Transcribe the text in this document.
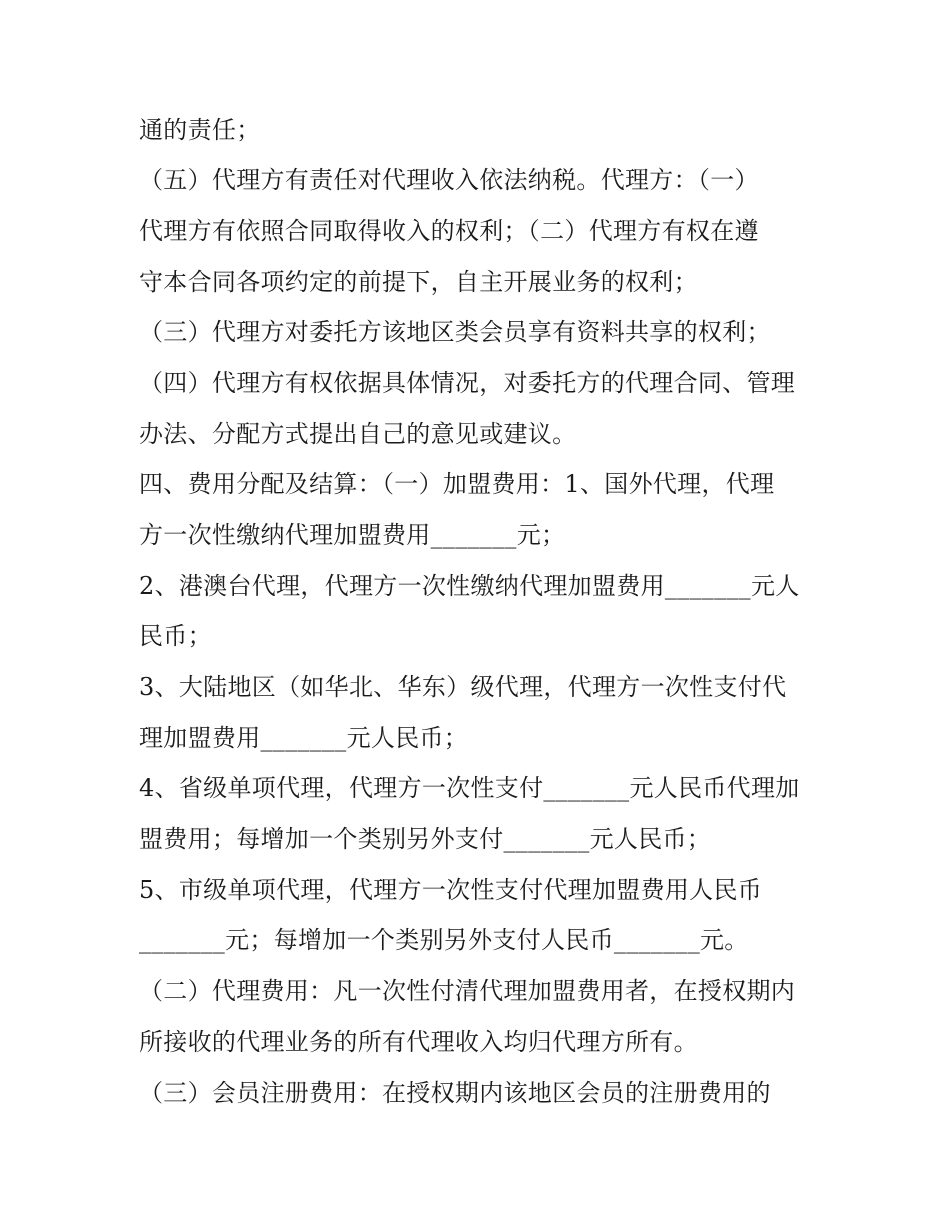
通的责任；
（五）代理方有责任对代理收入依法纳税。代理方：（一）
代理方有依照合同取得收入的权利；（二）代理方有权在遵
守本合同各项约定的前提下，自主开展业务的权利；
（三）代理方对委托方该地区类会员享有资料共享的权利；
（四）代理方有权依据具体情况，对委托方的代理合同、管理
办法、分配方式提出自己的意见或建议。
四、费用分配及结算：（一）加盟费用：1、国外代理，代理
方一次性缴纳代理加盟费用_______元；
2、港澳台代理，代理方一次性缴纳代理加盟费用_______元人
民币；
3、大陆地区（如华北、华东）级代理，代理方一次性支付代
理加盟费用_______元人民币；
4、省级单项代理，代理方一次性支付_______元人民币代理加
盟费用；每增加一个类别另外支付_______元人民币；
5、市级单项代理，代理方一次性支付代理加盟费用人民币
_______元；每增加一个类别另外支付人民币_______元。
（二）代理费用：凡一次性付清代理加盟费用者，在授权期内
所接收的代理业务的所有代理收入均归代理方所有。
（三）会员注册费用：在授权期内该地区会员的注册费用的
